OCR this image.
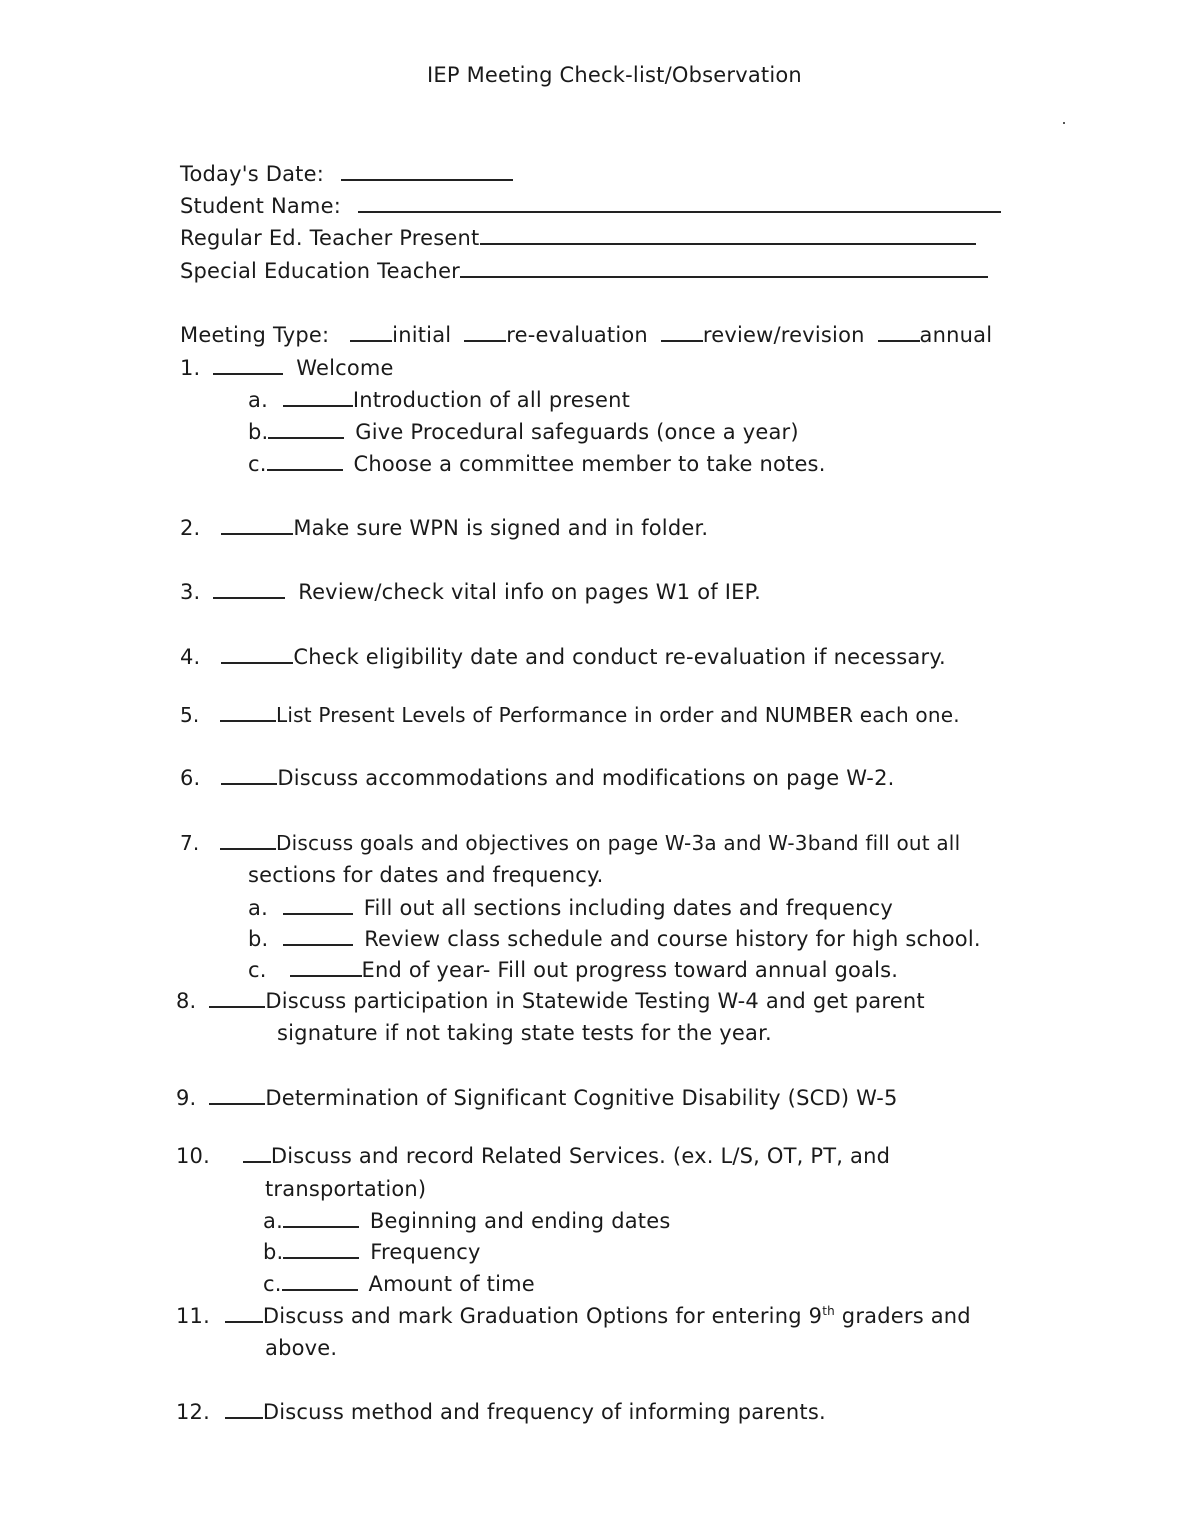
IEP Meeting Check-list/Observation
Today's Date:
Student Name:
Regular Ed. Teacher Present
Special Education Teacher
Meeting Type:	initial	re-evaluation	review/revision	annual
1.	Welcome
a.	Introduction of all present
b.	Give Procedural safeguards (once a year)
c.	Choose a committee member to take notes.
2.	Make sure WPN is signed and in folder.
3.	Review/check vital info on pages W1 of IEP.
4.	Check eligibility date and conduct re-evaluation if necessary.
5.	List Present Levels of Performance in order and NUMBER each one.
6.	Discuss accommodations and modifications on page W-2.
7.	Discuss goals and objectives on page W-3a and W-3band fill out all
sections for dates and frequency.
a.	Fill out all sections including dates and frequency
b.	Review class schedule and course history for high school.
c.	End of year- Fill out progress toward annual goals.
8.	Discuss participation in Statewide Testing W-4 and get parent
signature if not taking state tests for the year.
9.	Determination of Significant Cognitive Disability (SCD) W-5
10.	Discuss and record Related Services. (ex. L/S, OT, PT, and
transportation)
a.	Beginning and ending dates
b.	Frequency
c.	Amount of time
11.	Discuss and mark Graduation Options for entering 9th graders and
above.
12.	Discuss method and frequency of informing parents.
